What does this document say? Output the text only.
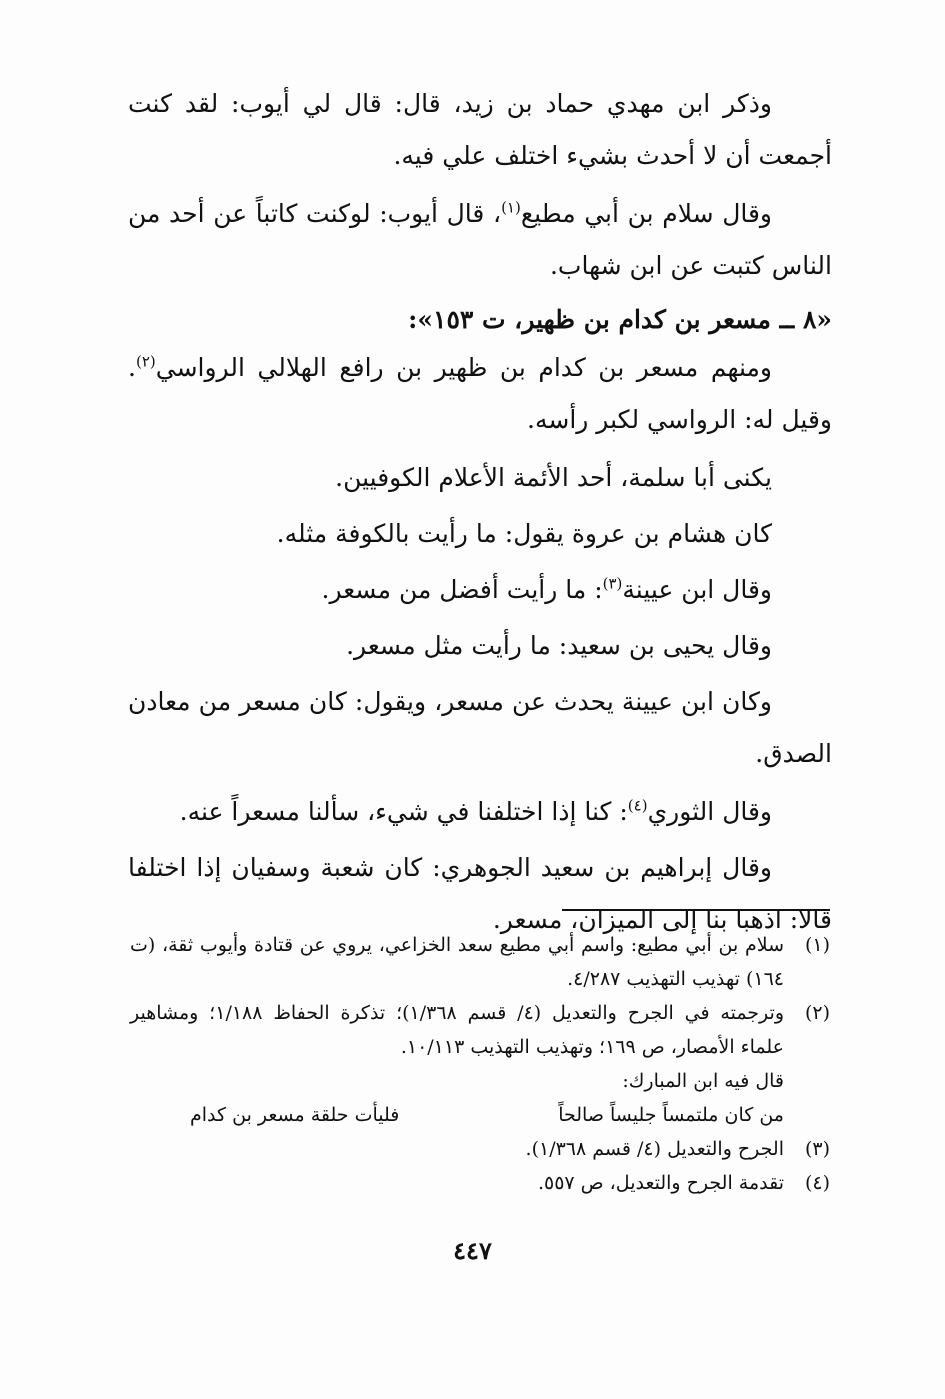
وذكر ابن مهدي حماد بن زيد، قال: قال لي أيوب: لقد كنت أجمعت أن لا أحدث بشيء اختلف علي فيه.

وقال سلام بن أبي مطيع$^{(١)}$، قال أيوب: لوكنت كاتباً عن أحد من الناس كتبت عن ابن شهاب.

«٨ ــ مسعر بن كدام بن ظهير، ت ١٥٣»:

ومنهم مسعر بن كدام بن ظهير بن رافع الهلالي الرواسي$^{(٢)}$. وقيل له: الرواسي لكبر رأسه.

يكنى أبا سلمة، أحد الأئمة الأعلام الكوفيين.

كان هشام بن عروة يقول: ما رأيت بالكوفة مثله.

وقال ابن عيينة$^{(٣)}$: ما رأيت أفضل من مسعر.

وقال يحيى بن سعيد: ما رأيت مثل مسعر.

وكان ابن عيينة يحدث عن مسعر، ويقول: كان مسعر من معادن الصدق.

وقال الثوري$^{(٤)}$: كنا إذا اختلفنا في شيء، سألنا مسعراً عنه.

وقال إبراهيم بن سعيد الجوهري: كان شعبة وسفيان إذا اختلفا قالا: اذهبا بنا إلى الميزان، مسعر.

(١)
سلام بن أبي مطيع: واسم أبي مطيع سعد الخزاعي، يروي عن قتادة وأيوب ثقة، (ت ١٦٤) تهذيب التهذيب ٤/٢٨٧.
(٢)
وترجمته في الجرح والتعديل (٤/ قسم ١/٣٦٨)؛ تذكرة الحفاظ ١/١٨٨؛ ومشاهير علماء الأمصار، ص ١٦٩؛ وتهذيب التهذيب ١٠/١١٣.

قال فيه ابن المبارك:

من كان ملتمساً جليساً صالحاً
فليأت حلقة مسعر بن كدام
(٣)
الجرح والتعديل (٤/ قسم ١/٣٦٨).
(٤)
تقدمة الجرح والتعديل، ص ٥٥٧.
٤٤٧
